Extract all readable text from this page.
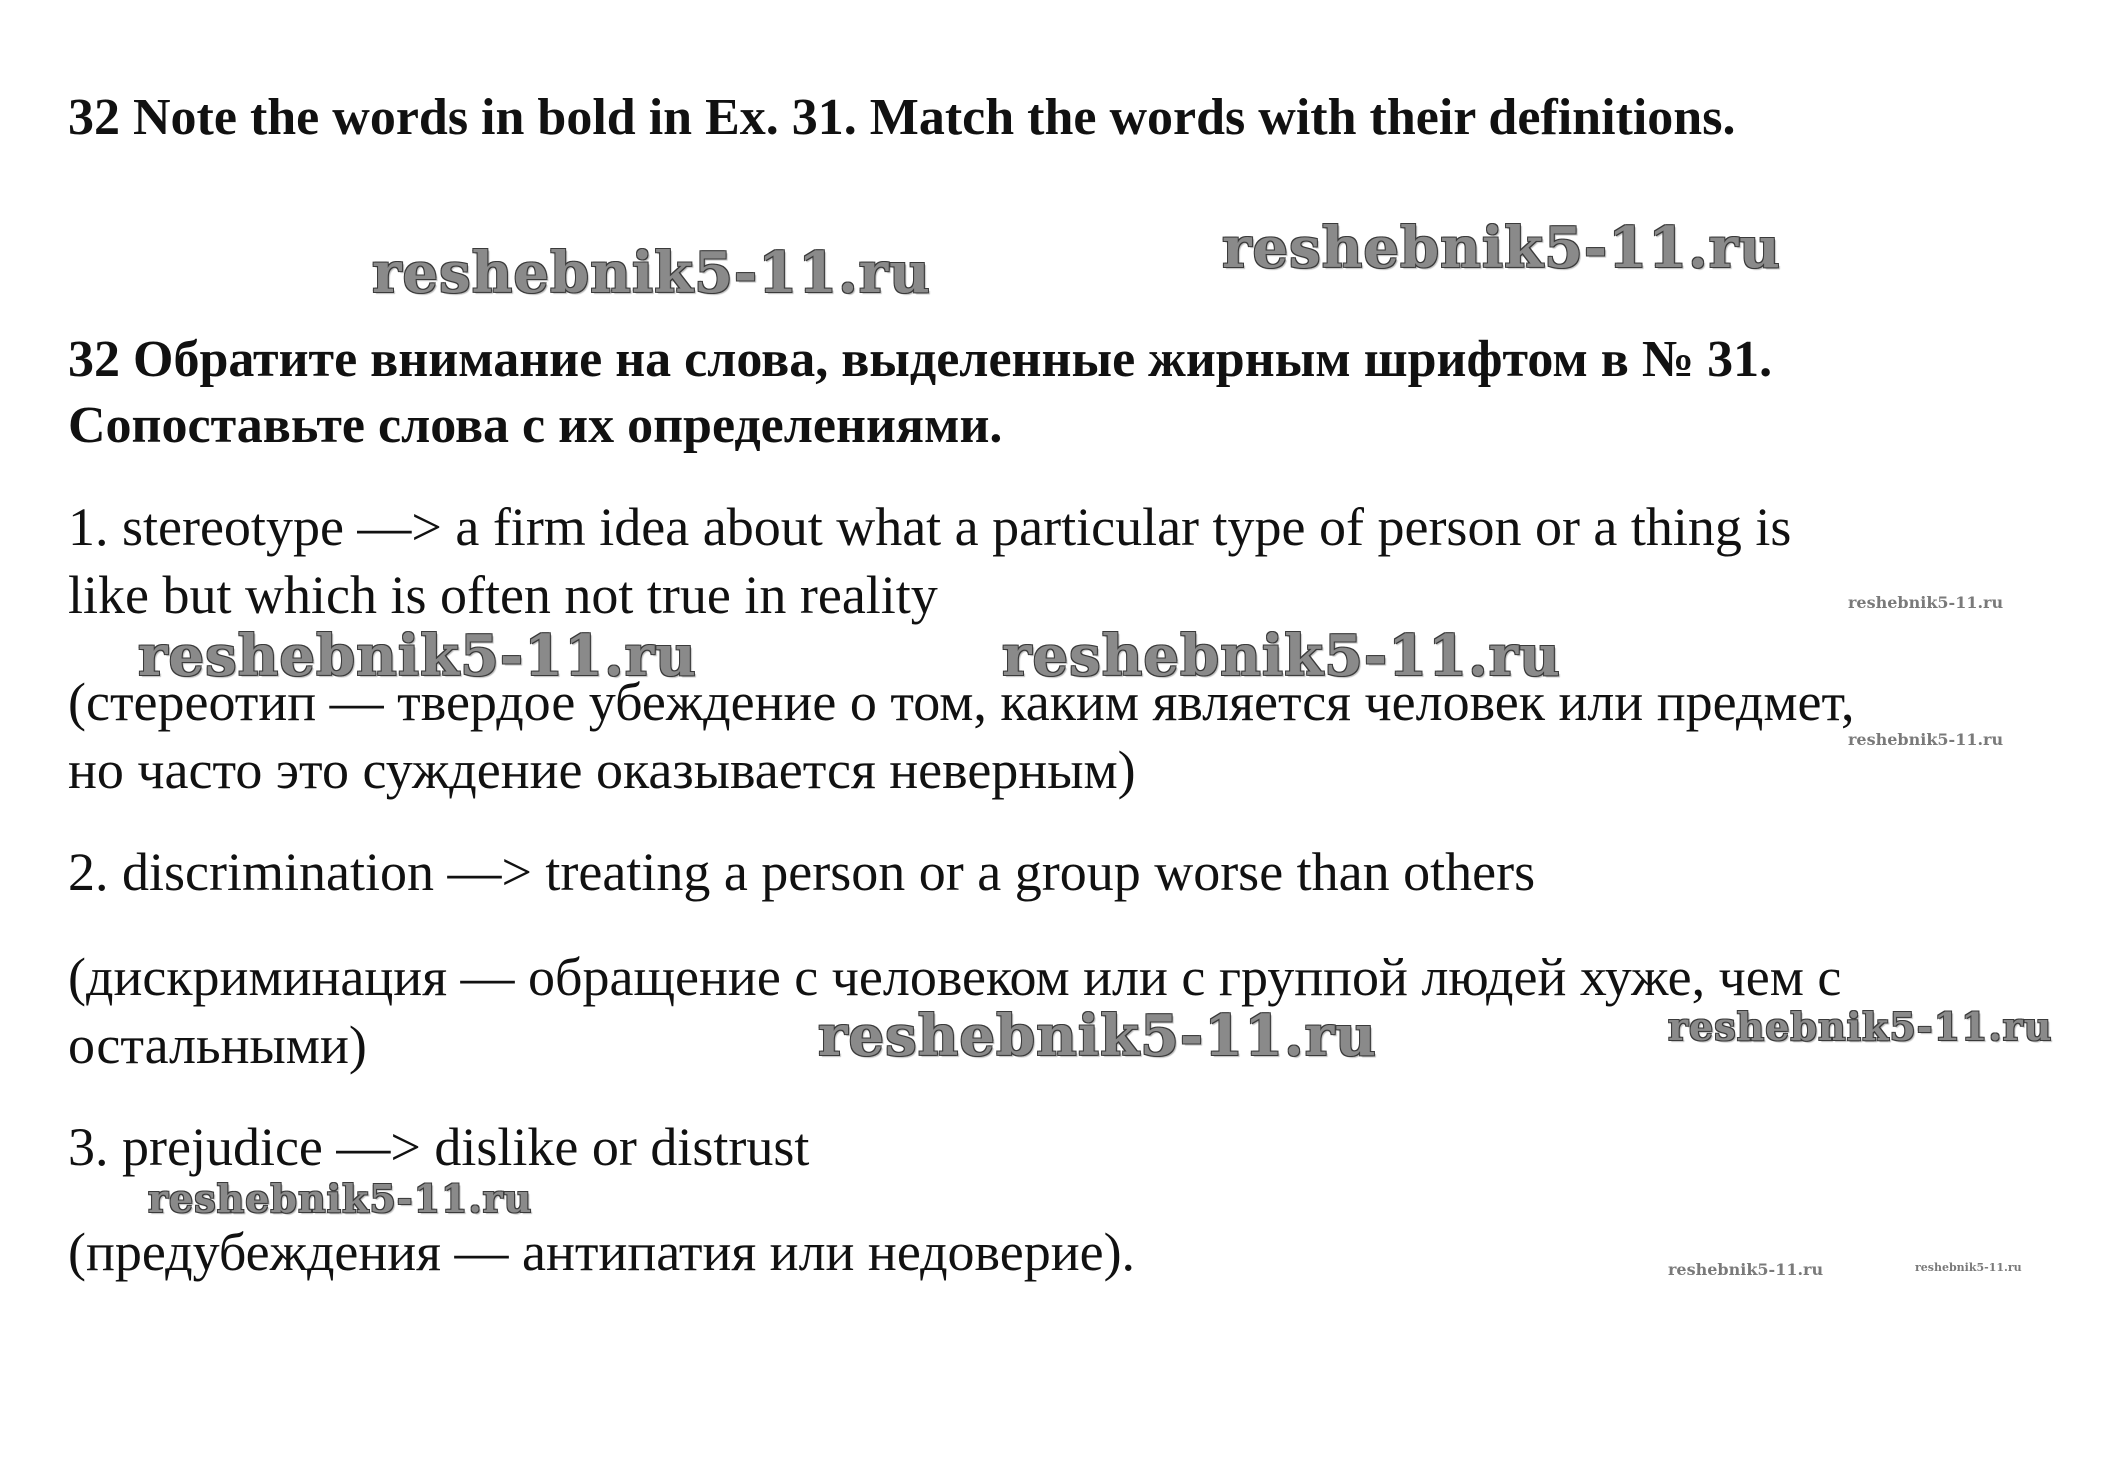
32 Note the words in bold in Ex. 31. Match the words with their definitions.
32 Обратите внимание на слова, выделенные жирным шрифтом в № 31.
Сопоставьте слова с их определениями.
1. stereotype —> a firm idea about what a particular type of person or a thing is
like but which is often not true in reality
(стереотип — твердое убеждение о том, каким является человек или предмет,
но часто это суждение оказывается неверным)
2. discrimination —> treating a person or a group worse than others
(дискриминация — обращение с человеком или с группой людей хуже, чем с
остальными)
3. prejudice —> dislike or distrust
(предубеждения — антипатия или недоверие).
reshebnik5-11.ru	reshebnik5-11.ru
reshebnik5-11.ru	reshebnik5-11.ru
reshebnik5-11.ru	reshebnik5-11.ru
reshebnik5-11.ru
reshebnik5-11.ru
reshebnik5-11.ru
reshebnik5-11.ru	reshebnik5-11.ru
